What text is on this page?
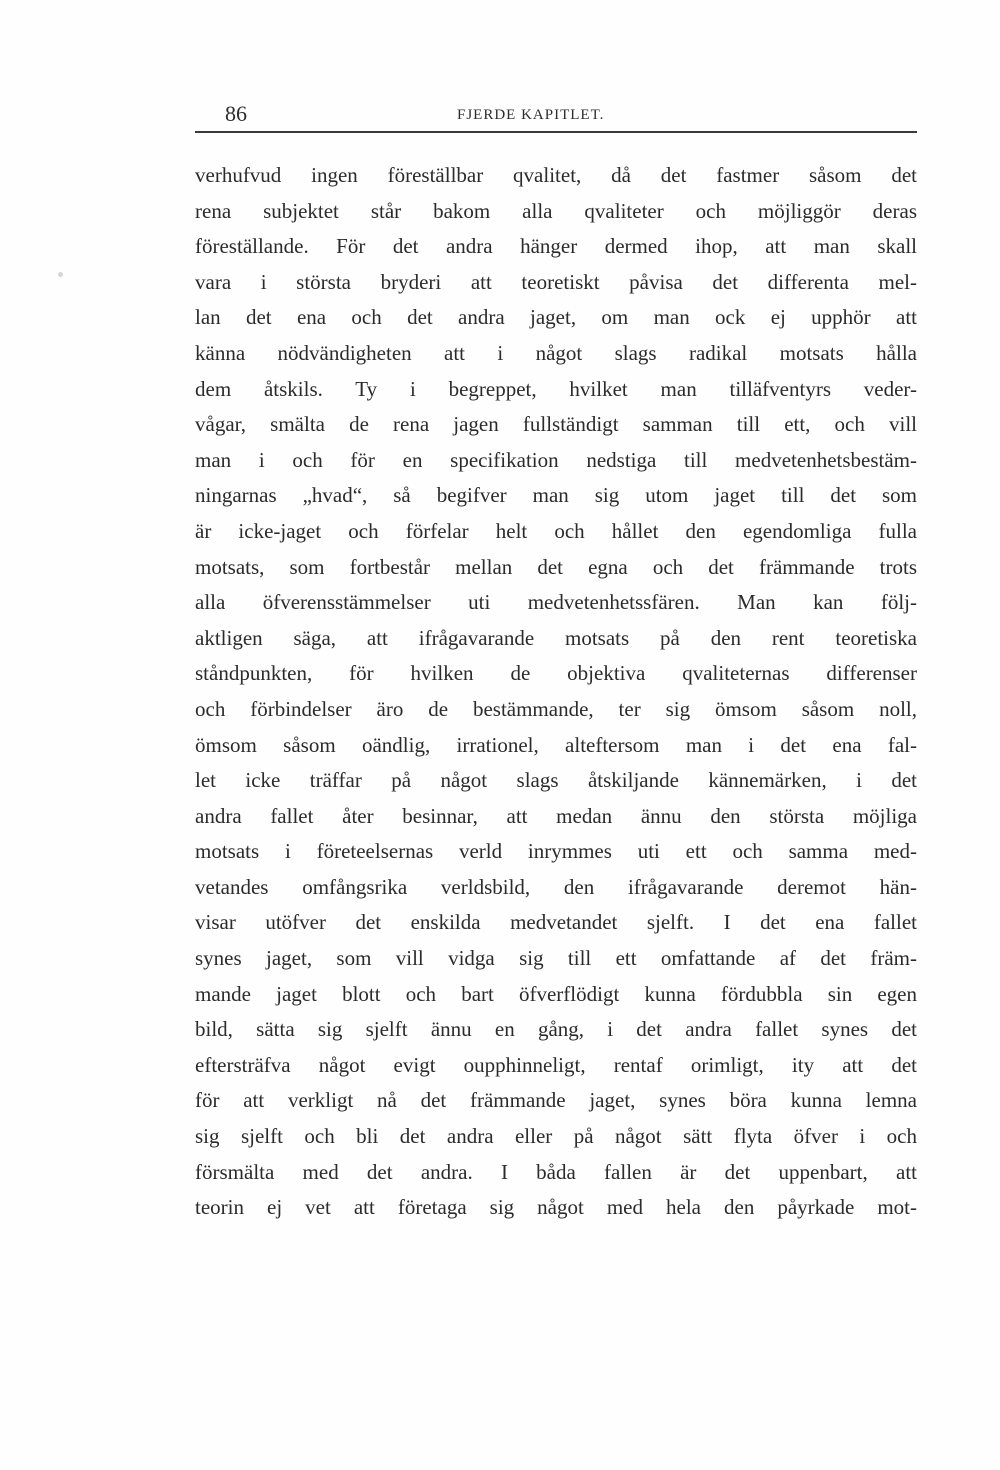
86	FJERDE KAPITLET.
verhufvud ingen föreställbar qvalitet, då det fastmer såsom det
rena subjektet står bakom alla qvaliteter och möjliggör deras
föreställande. För det andra hänger dermed ihop, att man skall
vara i största bryderi att teoretiskt påvisa det differenta mel-
lan det ena och det andra jaget, om man ock ej upphör att
känna nödvändigheten att i något slags radikal motsats hålla
dem åtskils. Ty i begreppet, hvilket man tilläfventyrs veder-
vågar, smälta de rena jagen fullständigt samman till ett, och vill
man i och för en specifikation nedstiga till medvetenhetsbestäm-
ningarnas „hvad“, så begifver man sig utom jaget till det som
är icke-jaget och förfelar helt och hållet den egendomliga fulla
motsats, som fortbestår mellan det egna och det främmande trots
alla öfverensstämmelser uti medvetenhetssfären. Man kan följ-
aktligen säga, att ifrågavarande motsats på den rent teoretiska
ståndpunkten, för hvilken de objektiva qvaliteternas differenser
och förbindelser äro de bestämmande, ter sig ömsom såsom noll,
ömsom såsom oändlig, irrationel, alteftersom man i det ena fal-
let icke träffar på något slags åtskiljande kännemärken, i det
andra fallet åter besinnar, att medan ännu den största möjliga
motsats i företeelsernas verld inrymmes uti ett och samma med-
vetandes omfångsrika verldsbild, den ifrågavarande deremot hän-
visar utöfver det enskilda medvetandet sjelft. I det ena fallet
synes jaget, som vill vidga sig till ett omfattande af det främ-
mande jaget blott och bart öfverflödigt kunna fördubbla sin egen
bild, sätta sig sjelft ännu en gång, i det andra fallet synes det
eftersträfva något evigt oupphinneligt, rentaf orimligt, ity att det
för att verkligt nå det främmande jaget, synes böra kunna lemna
sig sjelft och bli det andra eller på något sätt flyta öfver i och
försmälta med det andra. I båda fallen är det uppenbart, att
teorin ej vet att företaga sig något med hela den påyrkade mot-
